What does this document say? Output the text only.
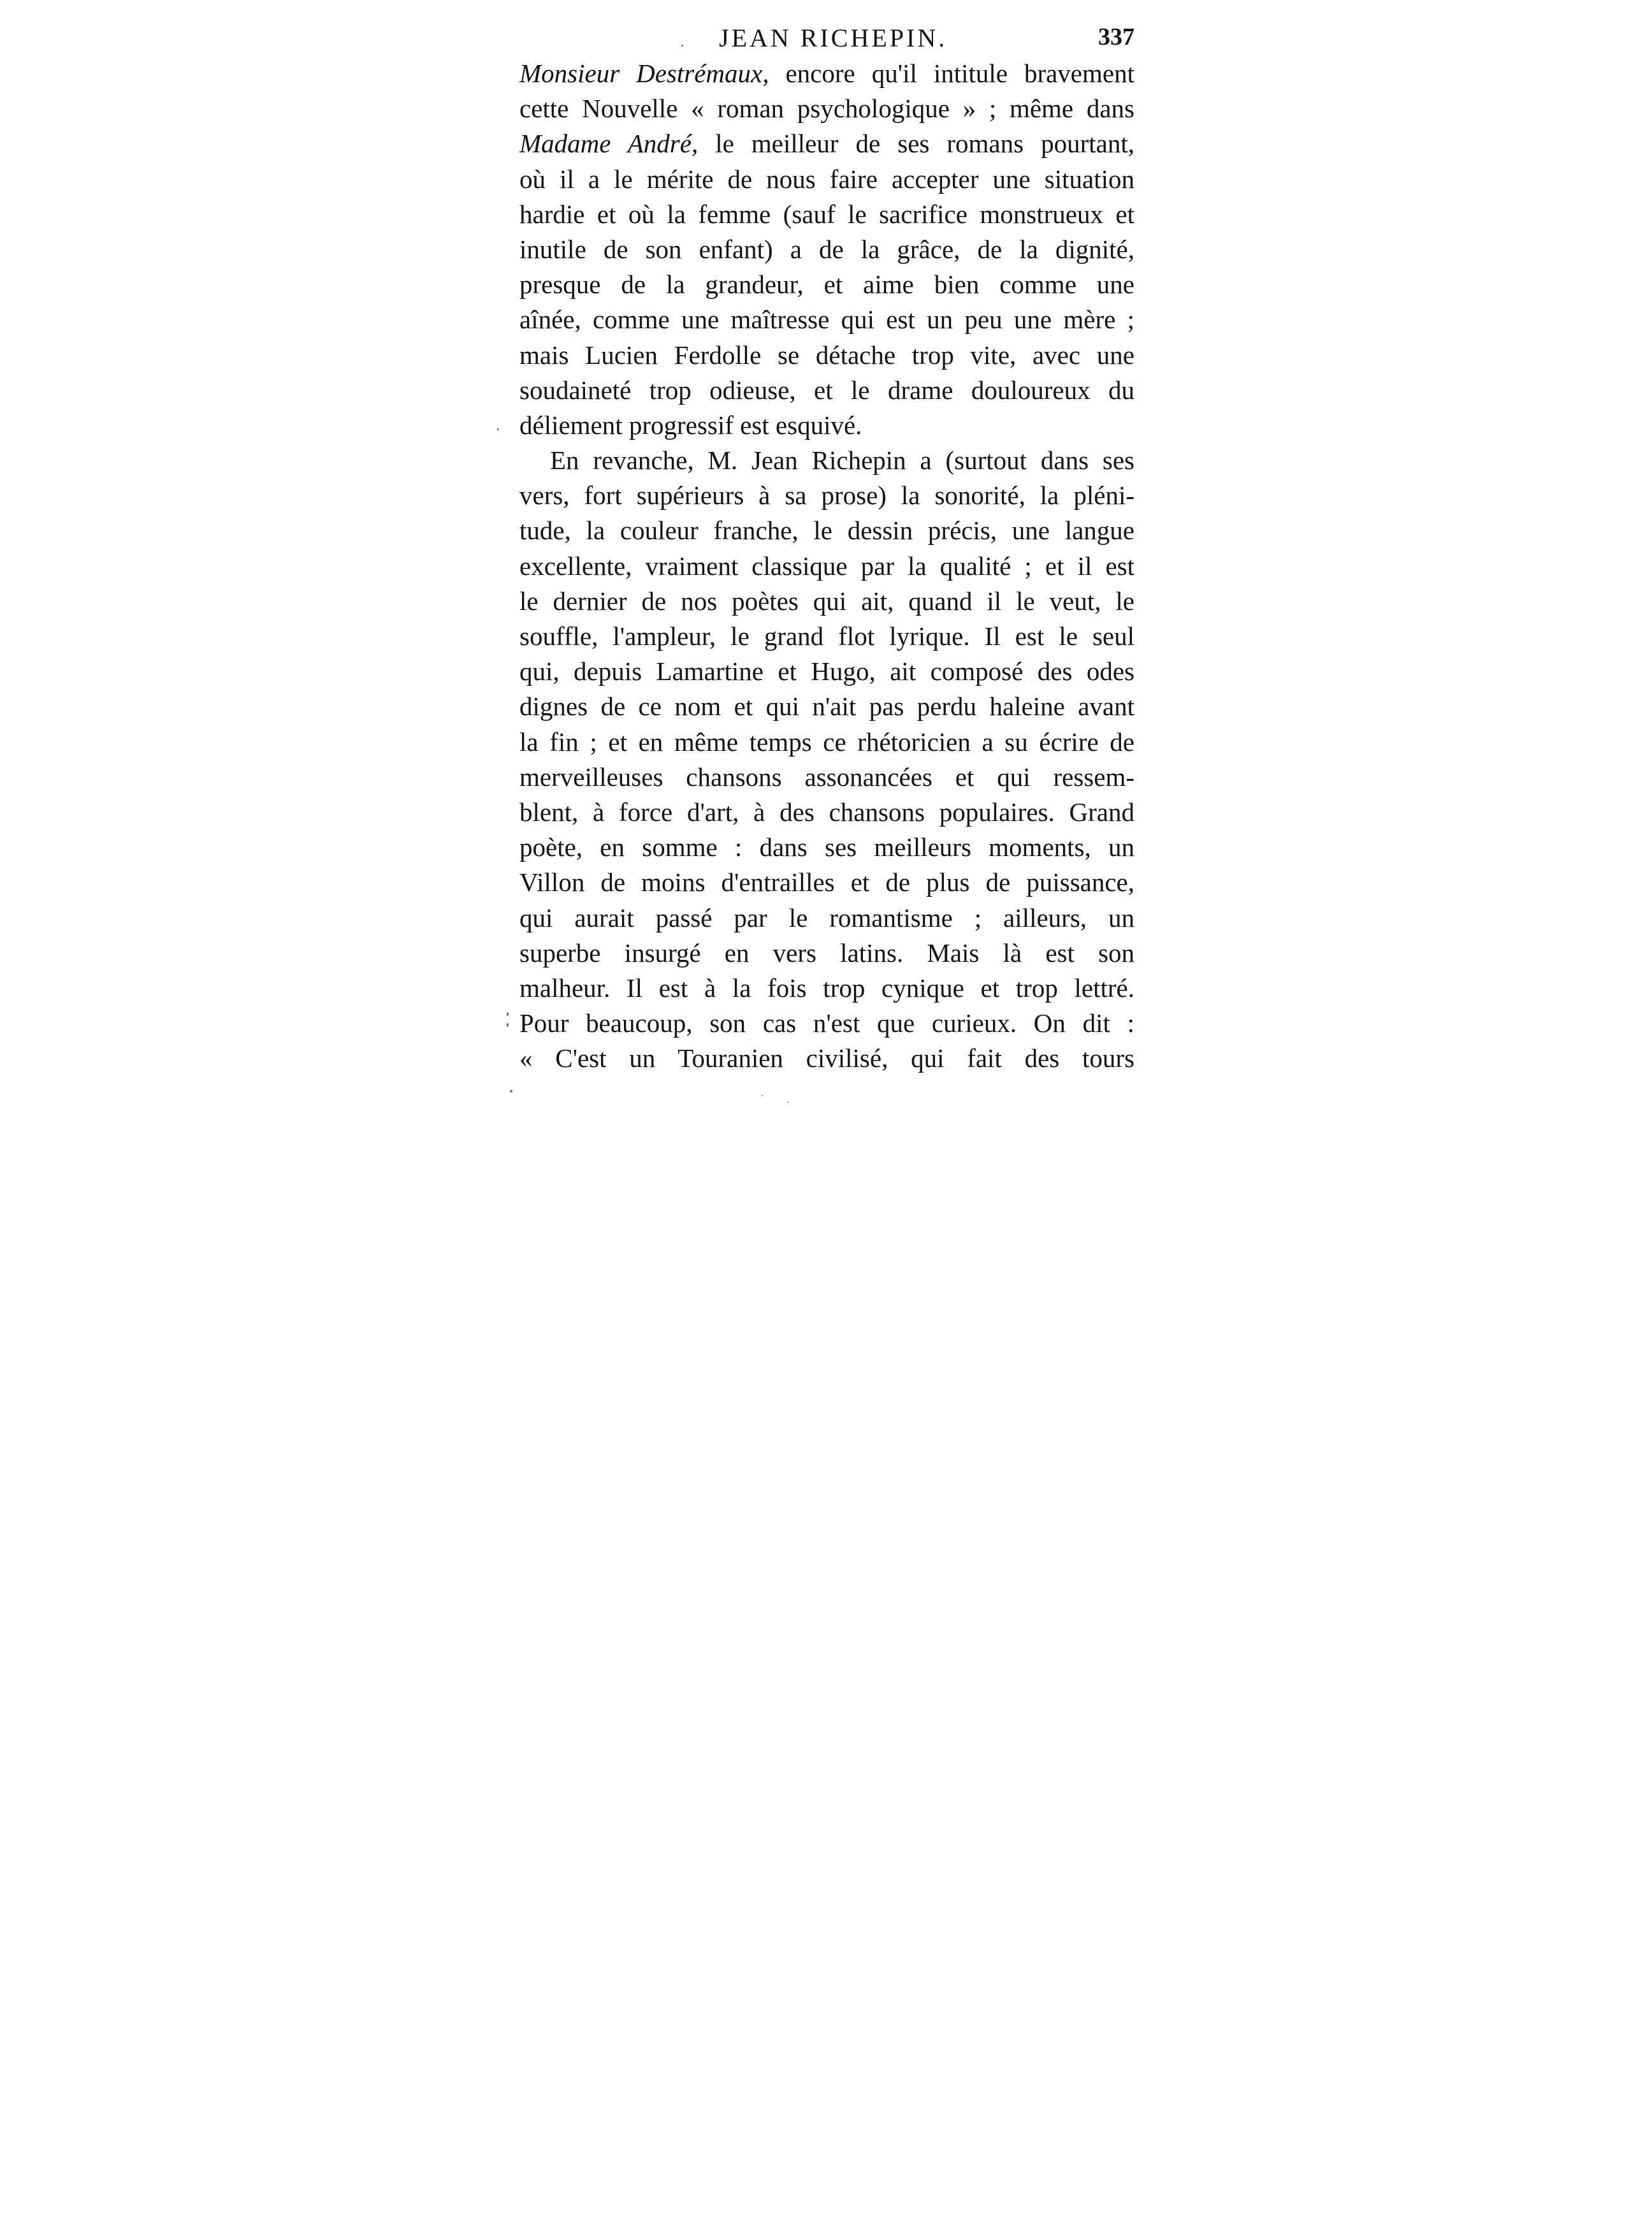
JEAN RICHEPIN.	337
Monsieur Destrémaux, encore qu'il intitule bravement
cette Nouvelle « roman psychologique » ; même dans
Madame André, le meilleur de ses romans pourtant,
où il a le mérite de nous faire accepter une situation
hardie et où la femme (sauf le sacrifice monstrueux et
inutile de son enfant) a de la grâce, de la dignité,
presque de la grandeur, et aime bien comme une
aînée, comme une maîtresse qui est un peu une mère ;
mais Lucien Ferdolle se détache trop vite, avec une
soudaineté trop odieuse, et le drame douloureux du
déliement progressif est esquivé.
En revanche, M. Jean Richepin a (surtout dans ses
vers, fort supérieurs à sa prose) la sonorité, la pléni-
tude, la couleur franche, le dessin précis, une langue
excellente, vraiment classique par la qualité ; et il est
le dernier de nos poètes qui ait, quand il le veut, le
souffle, l'ampleur, le grand flot lyrique. Il est le seul
qui, depuis Lamartine et Hugo, ait composé des odes
dignes de ce nom et qui n'ait pas perdu haleine avant
la fin ; et en même temps ce rhétoricien a su écrire de
merveilleuses chansons assonancées et qui ressem-
blent, à force d'art, à des chansons populaires. Grand
poète, en somme : dans ses meilleurs moments, un
Villon de moins d'entrailles et de plus de puissance,
qui aurait passé par le romantisme ; ailleurs, un
superbe insurgé en vers latins. Mais là est son
malheur. Il est à la fois trop cynique et trop lettré.
Pour beaucoup, son cas n'est que curieux. On dit :
« C'est un Touranien civilisé, qui fait des tours
